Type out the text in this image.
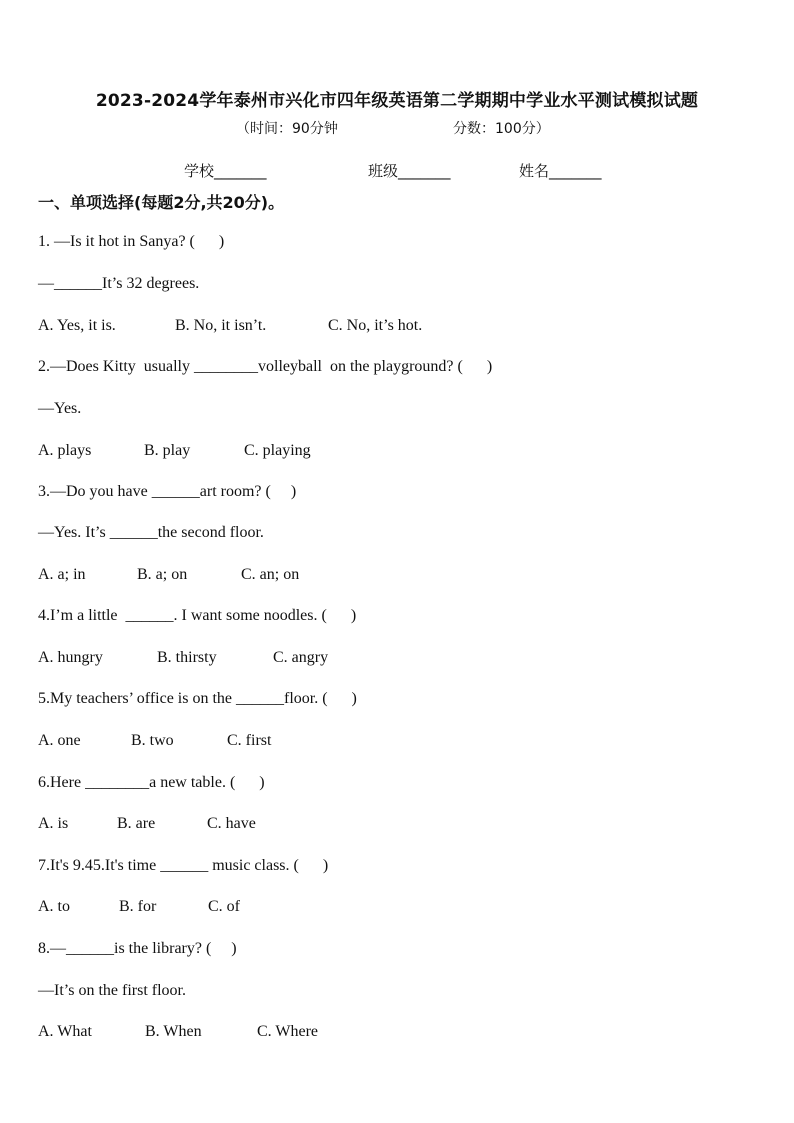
2023-2024学年泰州市兴化市四年级英语第二学期期中学业水平测试模拟试题
（时间：90分钟	分数：100分）
学校_______	班级_______	姓名_______
一、单项选择(每题2分,共20分)。
1. —Is it hot in Sanya? (      )
—______It’s 32 degrees.
A. Yes, it is.	B. No, it isn’t.	C. No, it’s hot.
2.—Does Kitty  usually ________volleyball  on the playground? (      )
—Yes.
A. plays	B. play	C. playing
3.—Do you have ______art room? (     )
—Yes. It’s ______the second floor.
A. a; in	B. a; on	C. an; on
4.I’m a little  ______. I want some noodles. (      )
A. hungry	B. thirsty	C. angry
5.My teachers’ office is on the ______floor. (      )
A. one	B. two	C. first
6.Here ________a new table. (      )
A. is	B. are	C. have
7.It's 9.45.It's time ______ music class. (      )
A. to	B. for	C. of
8.—______is the library? (     )
—It’s on the first floor.
A. What	B. When	C. Where
